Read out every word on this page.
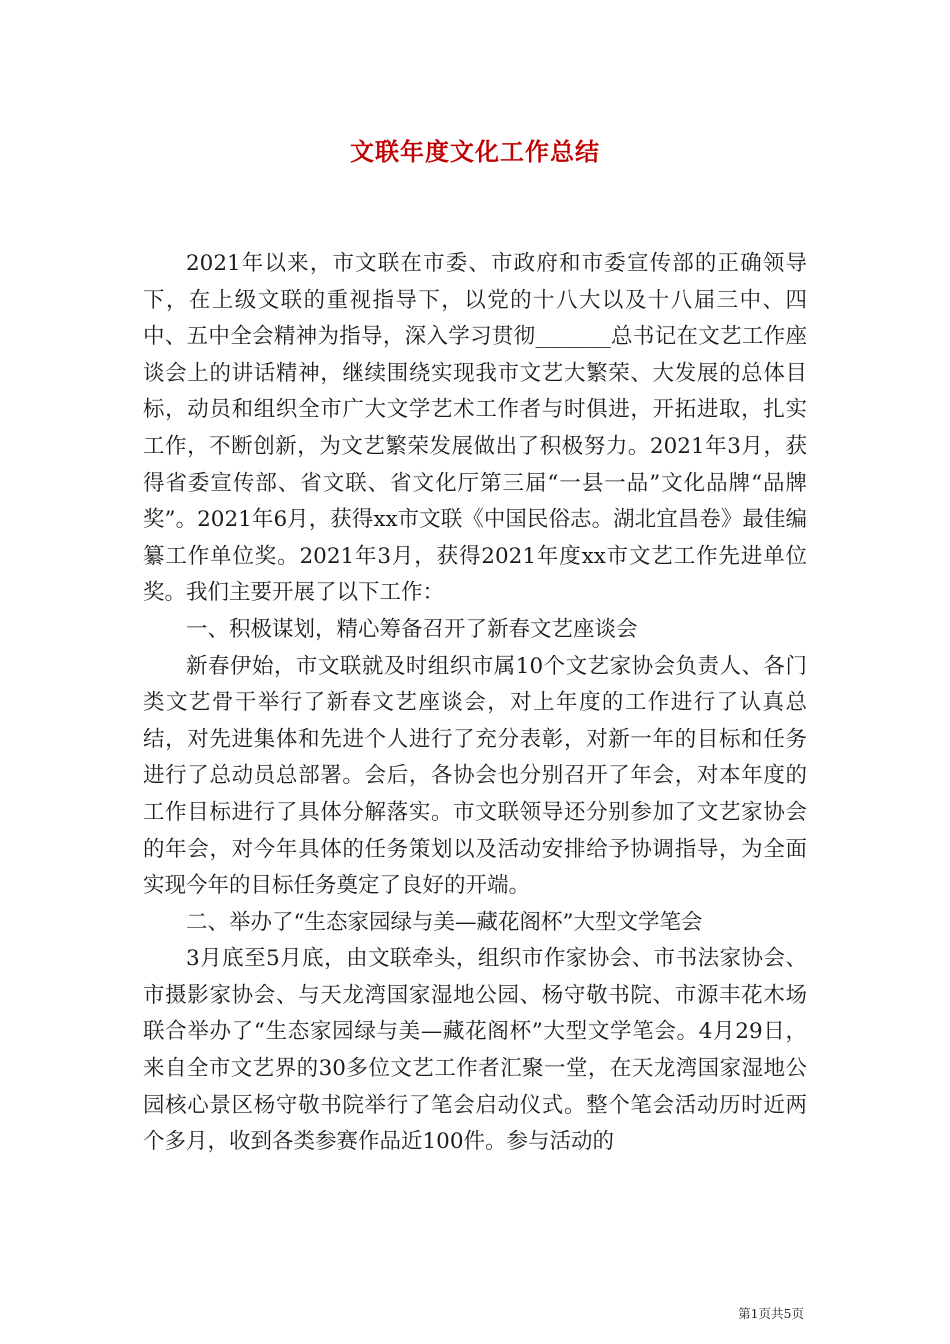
文联年度文化工作总结

2021年以来，市文联在市委、市政府和市委宣传部的正确领导下，在上级文联的重视指导下，以党的十八大以及十八届三中、四中、五中全会精神为指导，深入学习贯彻_______总书记在文艺工作座谈会上的讲话精神，继续围绕实现我市文艺大繁荣、大发展的总体目标，动员和组织全市广大文学艺术工作者与时俱进，开拓进取，扎实工作，不断创新，为文艺繁荣发展做出了积极努力。2021年3月，获得省委宣传部、省文联、省文化厅第三届“一县一品”文化品牌“品牌奖”。2021年6月，获得xx市文联《中国民俗志。湖北宜昌卷》最佳编纂工作单位奖。2021年3月，获得2021年度xx市文艺工作先进单位奖。我们主要开展了以下工作：

一、积极谋划，精心筹备召开了新春文艺座谈会

新春伊始，市文联就及时组织市属10个文艺家协会负责人、各门类文艺骨干举行了新春文艺座谈会，对上年度的工作进行了认真总结，对先进集体和先进个人进行了充分表彰，对新一年的目标和任务进行了总动员总部署。会后，各协会也分别召开了年会，对本年度的工作目标进行了具体分解落实。市文联领导还分别参加了文艺家协会的年会，对今年具体的任务策划以及活动安排给予协调指导，为全面实现今年的目标任务奠定了良好的开端。

二、举办了“生态家园绿与美—藏花阁杯”大型文学笔会

3月底至5月底，由文联牵头，组织市作家协会、市书法家协会、市摄影家协会、与天龙湾国家湿地公园、杨守敬书院、市源丰花木场联合举办了“生态家园绿与美—藏花阁杯”大型文学笔会。4月29日，来自全市文艺界的30多位文艺工作者汇聚一堂，在天龙湾国家湿地公园核心景区杨守敬书院举行了笔会启动仪式。整个笔会活动历时近两个多月，收到各类参赛作品近100件。参与活动的

第1页共5页
